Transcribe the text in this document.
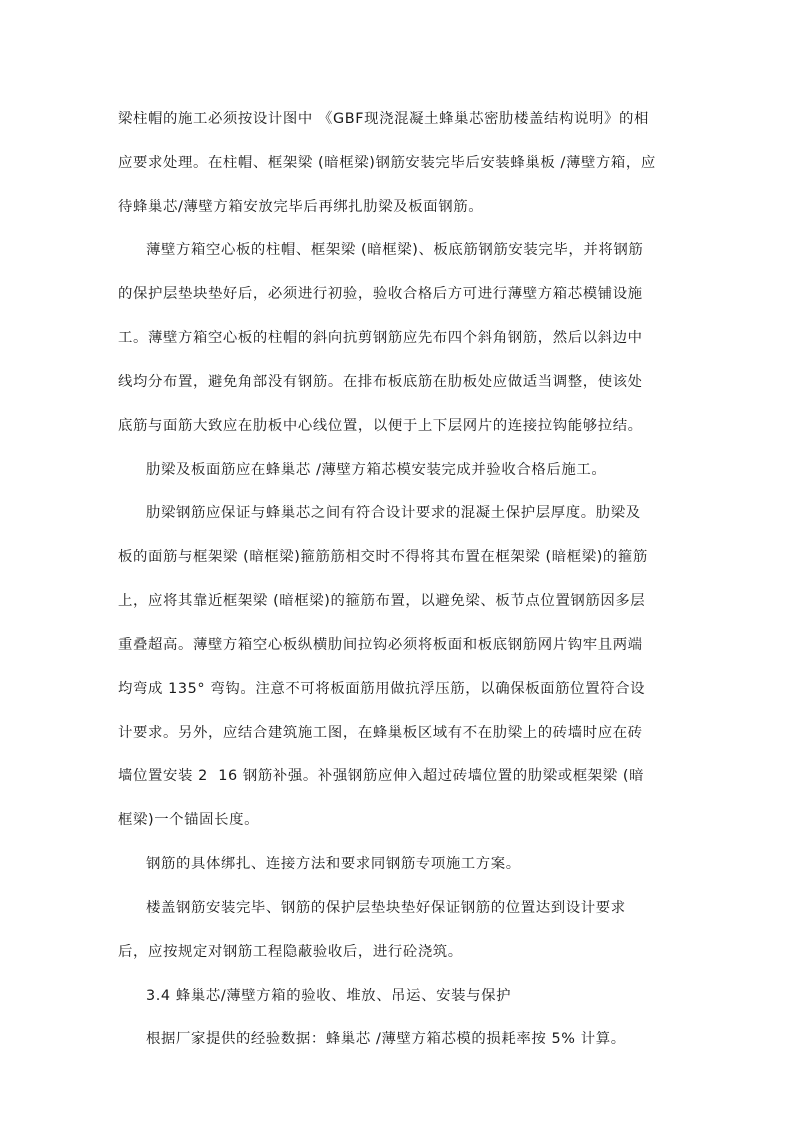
梁柱帽的施工必须按设计图中 《GBF现浇混凝土蜂巢芯密肋楼盖结构说明》的相
应要求处理。在柱帽、框架梁 (暗框梁)钢筋安装完毕后安装蜂巢板 /薄壁方箱，应
待蜂巢芯/薄壁方箱安放完毕后再绑扎肋梁及板面钢筋。
薄壁方箱空心板的柱帽、框架梁 (暗框梁)、板底筋钢筋安装完毕，并将钢筋
的保护层垫块垫好后，必须进行初验，验收合格后方可进行薄壁方箱芯模铺设施
工。薄壁方箱空心板的柱帽的斜向抗剪钢筋应先布四个斜角钢筋，然后以斜边中
线均分布置，避免角部没有钢筋。在排布板底筋在肋板处应做适当调整，使该处
底筋与面筋大致应在肋板中心线位置，以便于上下层网片的连接拉钩能够拉结。
肋梁及板面筋应在蜂巢芯 /薄壁方箱芯模安装完成并验收合格后施工。
肋梁钢筋应保证与蜂巢芯之间有符合设计要求的混凝土保护层厚度。肋梁及
板的面筋与框架梁 (暗框梁)箍筋筋相交时不得将其布置在框架梁 (暗框梁)的箍筋
上，应将其靠近框架梁 (暗框梁)的箍筋布置，以避免梁、板节点位置钢筋因多层
重叠超高。薄壁方箱空心板纵横肋间拉钩必须将板面和板底钢筋网片钩牢且两端
均弯成 135° 弯钩。注意不可将板面筋用做抗浮压筋，以确保板面筋位置符合设
计要求。另外，应结合建筑施工图，在蜂巢板区域有不在肋梁上的砖墙时应在砖
墙位置安装 2  16 钢筋补强。补强钢筋应伸入超过砖墙位置的肋梁或框架梁 (暗
框梁)一个锚固长度。
钢筋的具体绑扎、连接方法和要求同钢筋专项施工方案。
楼盖钢筋安装完毕、钢筋的保护层垫块垫好保证钢筋的位置达到设计要求
后，应按规定对钢筋工程隐蔽验收后，进行砼浇筑。
3.4 蜂巢芯/薄壁方箱的验收、堆放、吊运、安装与保护
根据厂家提供的经验数据：蜂巢芯 /薄壁方箱芯模的损耗率按 5% 计算。
